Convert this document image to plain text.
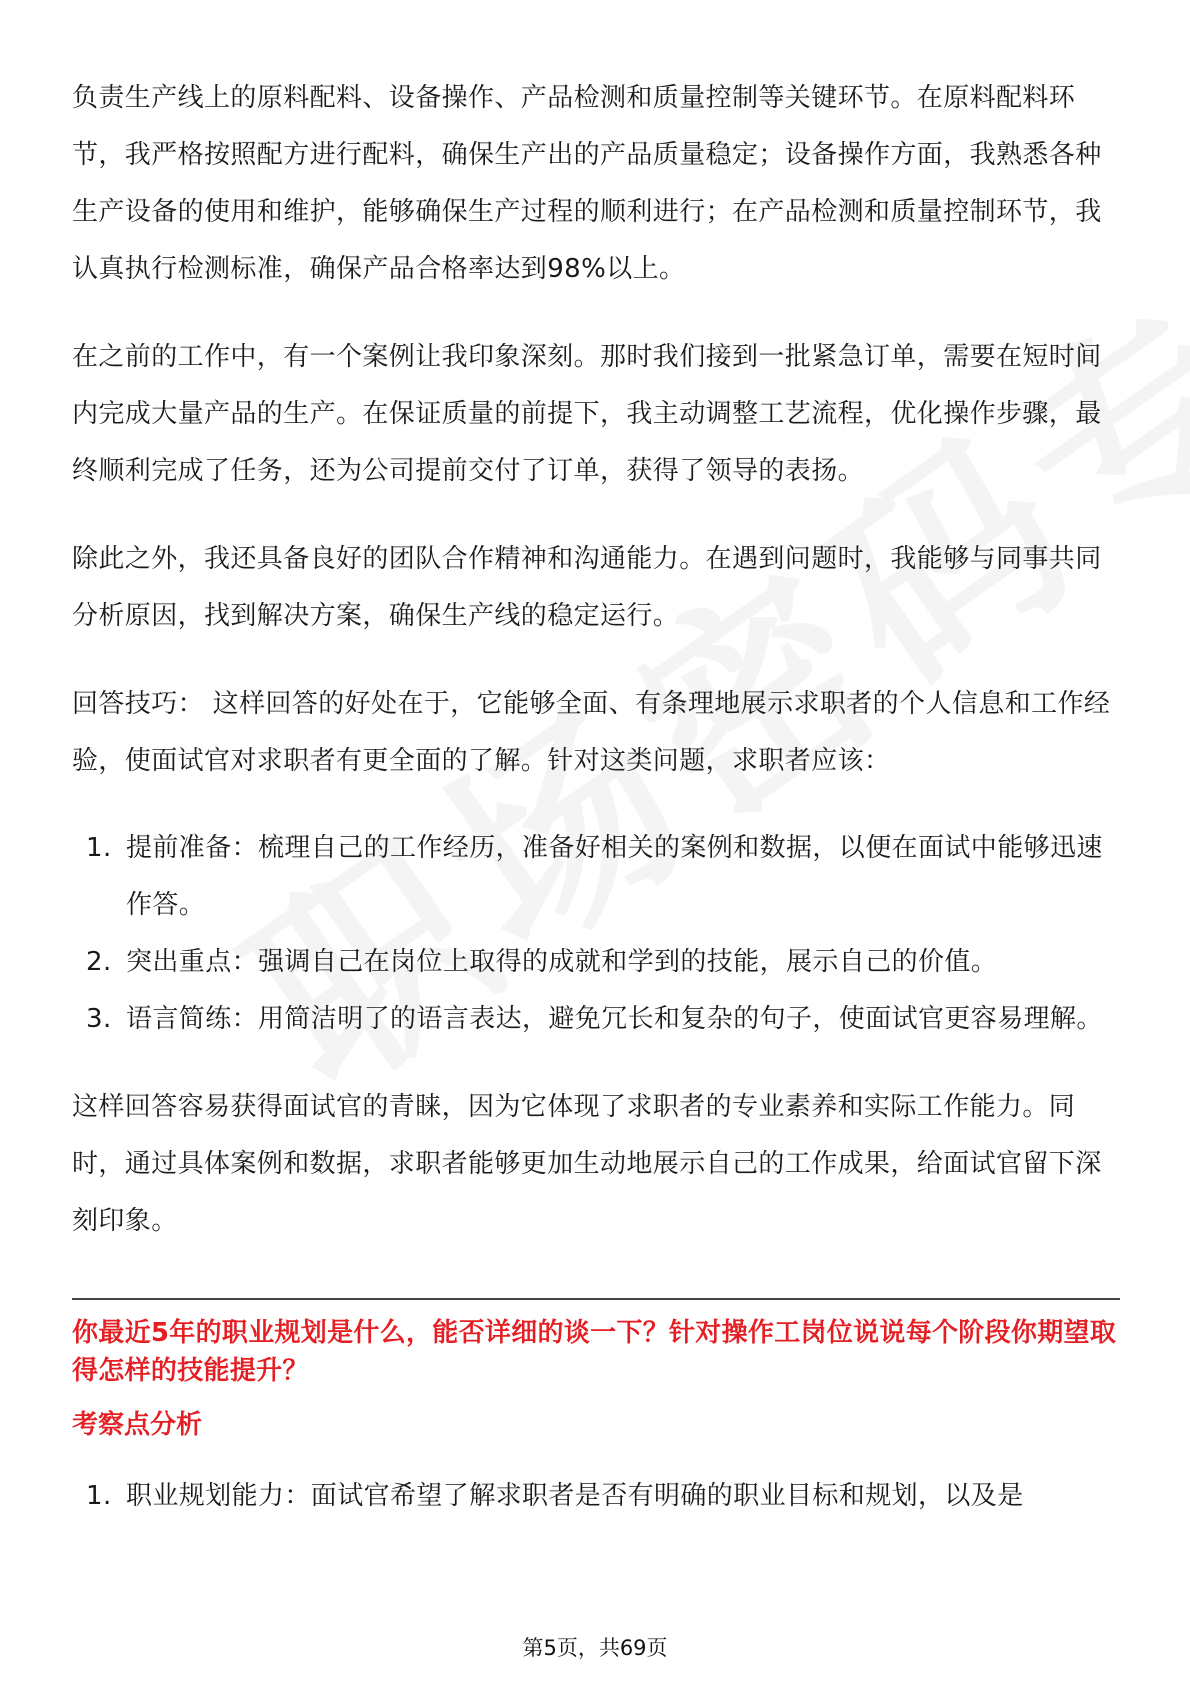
负责生产线上的原料配料、设备操作、产品检测和质量控制等关键环节。在原料配料环节，我严格按照配方进行配料，确保生产出的产品质量稳定；设备操作方面，我熟悉各种生产设备的使用和维护，能够确保生产过程的顺利进行；在产品检测和质量控制环节，我认真执行检测标准，确保产品合格率达到98%以上。

在之前的工作中，有一个案例让我印象深刻。那时我们接到一批紧急订单，需要在短时间内完成大量产品的生产。在保证质量的前提下，我主动调整工艺流程，优化操作步骤，最终顺利完成了任务，还为公司提前交付了订单，获得了领导的表扬。

除此之外，我还具备良好的团队合作精神和沟通能力。在遇到问题时，我能够与同事共同分析原因，找到解决方案，确保生产线的稳定运行。

回答技巧： 这样回答的好处在于，它能够全面、有条理地展示求职者的个人信息和工作经验，使面试官对求职者有更全面的了解。针对这类问题，求职者应该：

1. 提前准备：梳理自己的工作经历，准备好相关的案例和数据，以便在面试中能够迅速作答。
2. 突出重点：强调自己在岗位上取得的成就和学到的技能，展示自己的价值。
3. 语言简练：用简洁明了的语言表达，避免冗长和复杂的句子，使面试官更容易理解。

这样回答容易获得面试官的青睐，因为它体现了求职者的专业素养和实际工作能力。同时，通过具体案例和数据，求职者能够更加生动地展示自己的工作成果，给面试官留下深刻印象。

你最近5年的职业规划是什么，能否详细的谈一下？针对操作工岗位说说每个阶段你期望取得怎样的技能提升？

考察点分析

1. 职业规划能力：面试官希望了解求职者是否有明确的职业目标和规划，以及是
第5页，共69页
